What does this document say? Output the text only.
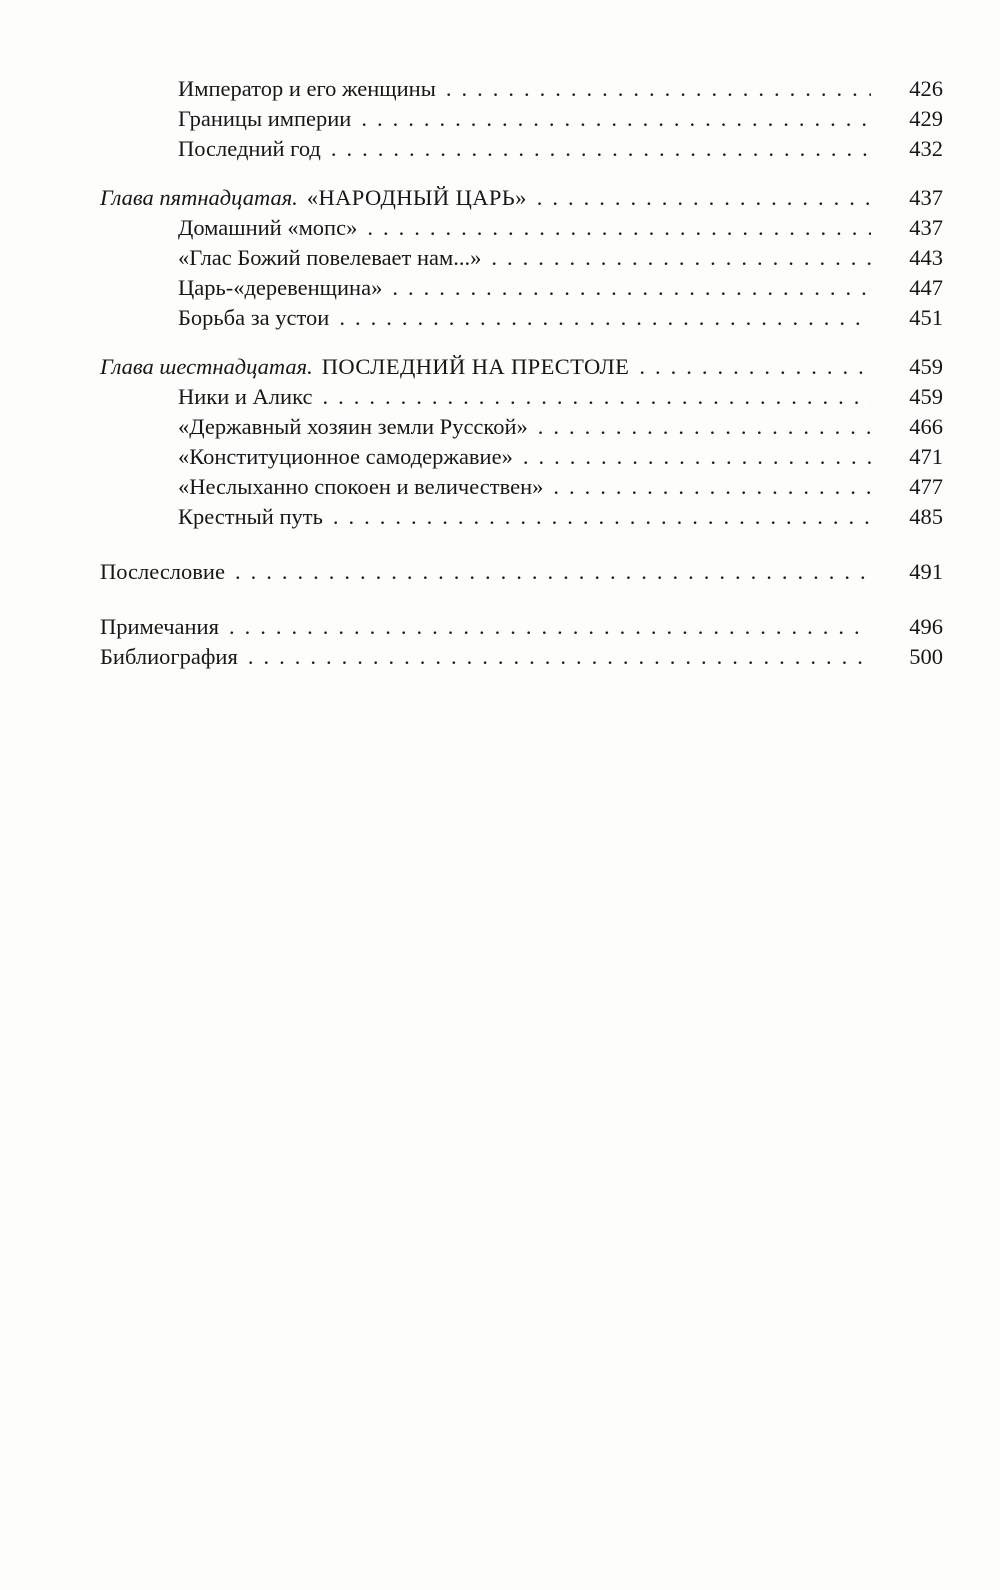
Император и его женщины .....	426
Границы империи .....	429
Последний год .....	432
Глава пятнадцатая. «НАРОДНЫЙ ЦАРЬ» .....	437
Домашний «мопс» .....	437
«Глас Божий повелевает нам...» .....	443
Царь-«деревенщина» .....	447
Борьба за устои .....	451
Глава шестнадцатая. ПОСЛЕДНИЙ НА ПРЕСТОЛЕ .....	459
Ники и Аликс .....	459
«Державный хозяин земли Русской» .....	466
«Конституционное самодержавие» .....	471
«Неслыханно спокоен и величествен» .....	477
Крестный путь .....	485
Послесловие .....	491
Примечания .....	496
Библиография .....	500
